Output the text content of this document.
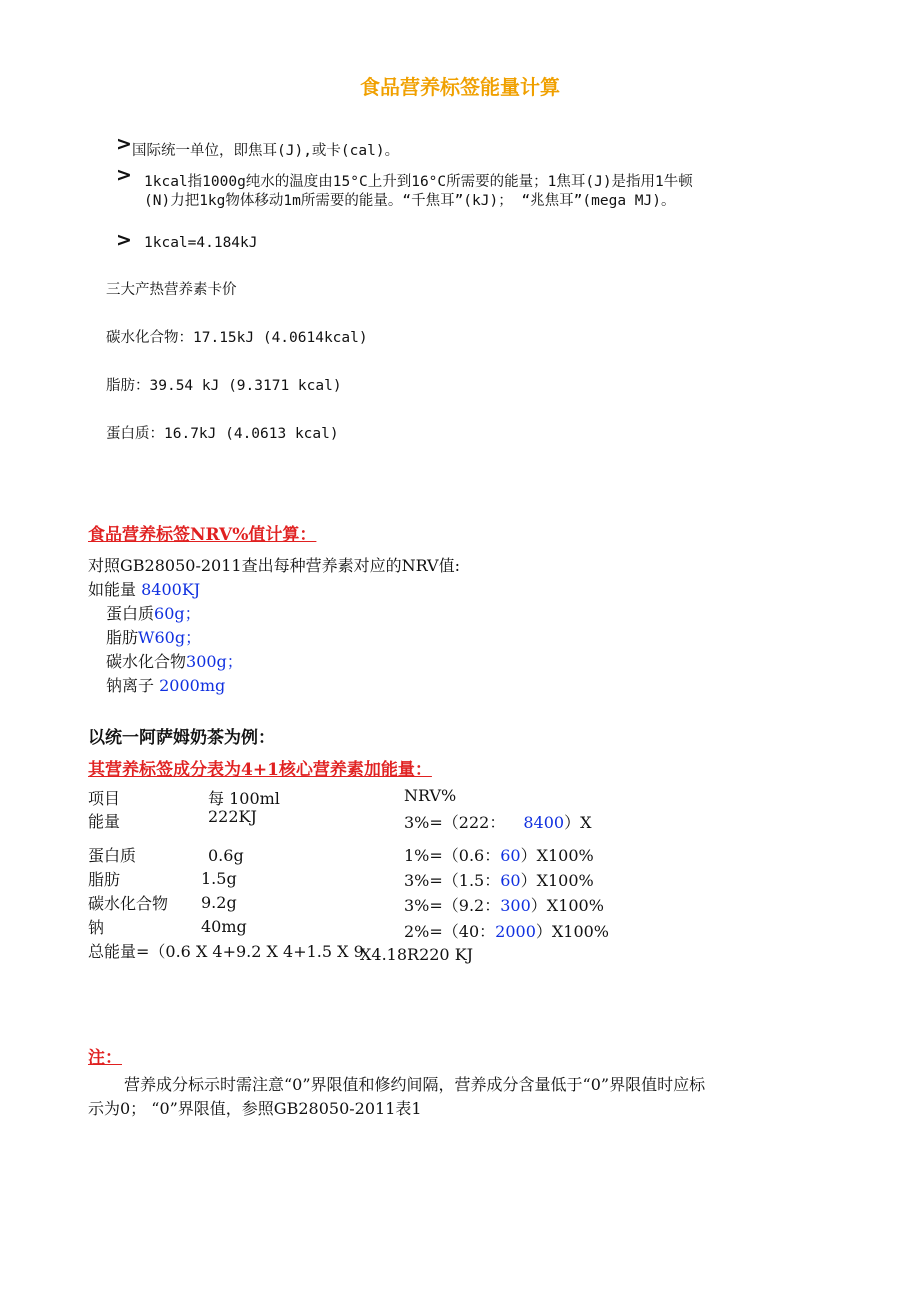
食品营养标签能量计算
> 国际统一单位，即焦耳(J),或卡(cal)。
> 1kcal指1000g纯水的温度由15°C上升到16°C所需要的能量；1焦耳(J)是指用1牛顿
(N)力把1kg物体移动1m所需要的能量。“千焦耳”(kJ)； “兆焦耳”(mega MJ)。
> 1kcal=4.184kJ
三大产热营养素卡价
碳水化合物：17.15kJ (4.0614kcal)
脂肪：39.54 kJ (9.3171 kcal)
蛋白质：16.7kJ (4.0613 kcal)
食品营养标签NRV%值计算：
对照GB28050-2011查出每种营养素对应的NRV值:
如能量 8400KJ
蛋白质60g；
脂肪W60g；
碳水化合物300g；
钠离子 2000mg
以统一阿萨姆奶茶为例：
其营养标签成分表为4+1核心营养素加能量：
项目	每 100ml	NRV%
能量	222KJ	3%=（222： 8400）X
蛋白质	0.6g	1%=（0.6：60）X100%
脂肪	1.5g	3%=（1.5：60）X100%
碳水化合物 9.2g	3%=（9.2：300）X100%
钠	40mg	2%=（40：2000）X100%
总能量=（0.6 X 4+9.2 X 4+1.5 X 9
X4.18R220 KJ
注：
营养成分标示时需注意“0”界限值和修约间隔，营养成分含量低于“0”界限值时应标
示为0； “0”界限值，参照GB28050-2011表1
